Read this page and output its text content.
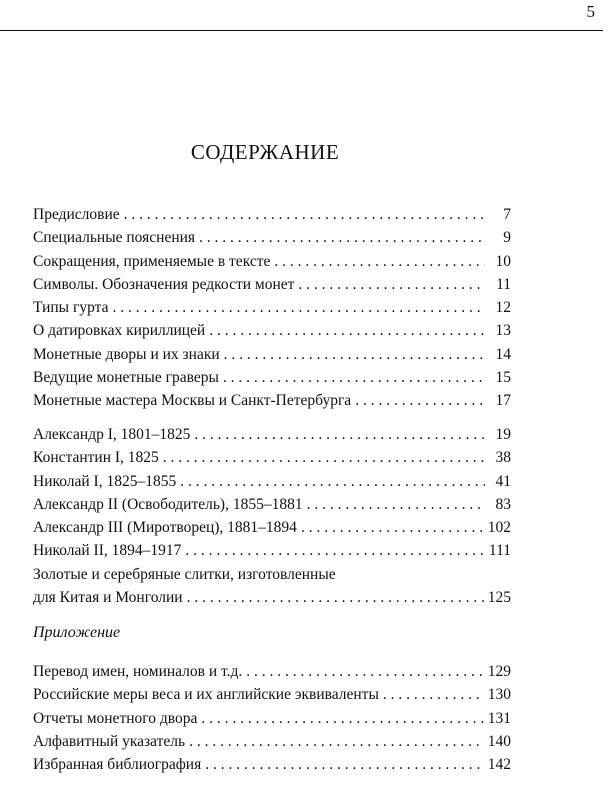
5
СОДЕРЖАНИЕ
Предисловие . . .	7
Специальные пояснения . . .	9
Сокращения, применяемые в тексте . . .	10
Символы. Обозначения редкости монет . . .	11
Типы гурта . . .	12
О датировках кириллицей . . .	13
Монетные дворы и их знаки . . .	14
Ведущие монетные граверы . . .	15
Монетные мастера Москвы и Санкт-Петербурга . . .	17
Александр I, 1801–1825 . . .	19
Константин I, 1825 . . .	38
Николай I, 1825–1855 . . .	41
Александр II (Освободитель), 1855–1881 . . .	83
Александр III (Миротворец), 1881–1894 . . .	102
Николай II, 1894–1917 . . .	111
Золотые и серебряные слитки, изготовленные
для Китая и Монголии . . .	125
Приложение
Перевод имен, номиналов и т.д. . . .	129
Российские меры веса и их английские эквиваленты . . .	130
Отчеты монетного двора . . .	131
Алфавитный указатель . . .	140
Избранная библиография . . .	142
